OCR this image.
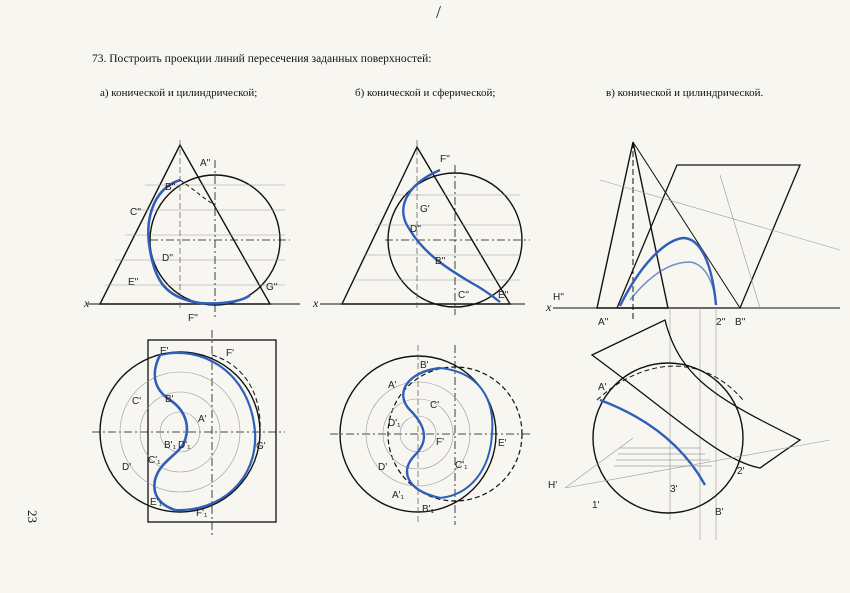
/
23
73. Построить проекции линий пересечения заданных поверхностей:
а) конической и цилиндрической;	б) конической и сферической;	в) конической и цилиндрической.
x
A''
B''
C''
D''
E''
F''
G''
E'	F'
B'
C'
A'
D'
G'
C'₁
E'₁
F'₁
D'₁
B'₁
x
F''
G'
D''
B''
C''	E''
B'
A'
C'
F'
D'
E'
B'₁
A'₁
C'₁
D'₁
x
H''
A''	2'' B''
A'
H'
1'
3'
2'
B'
